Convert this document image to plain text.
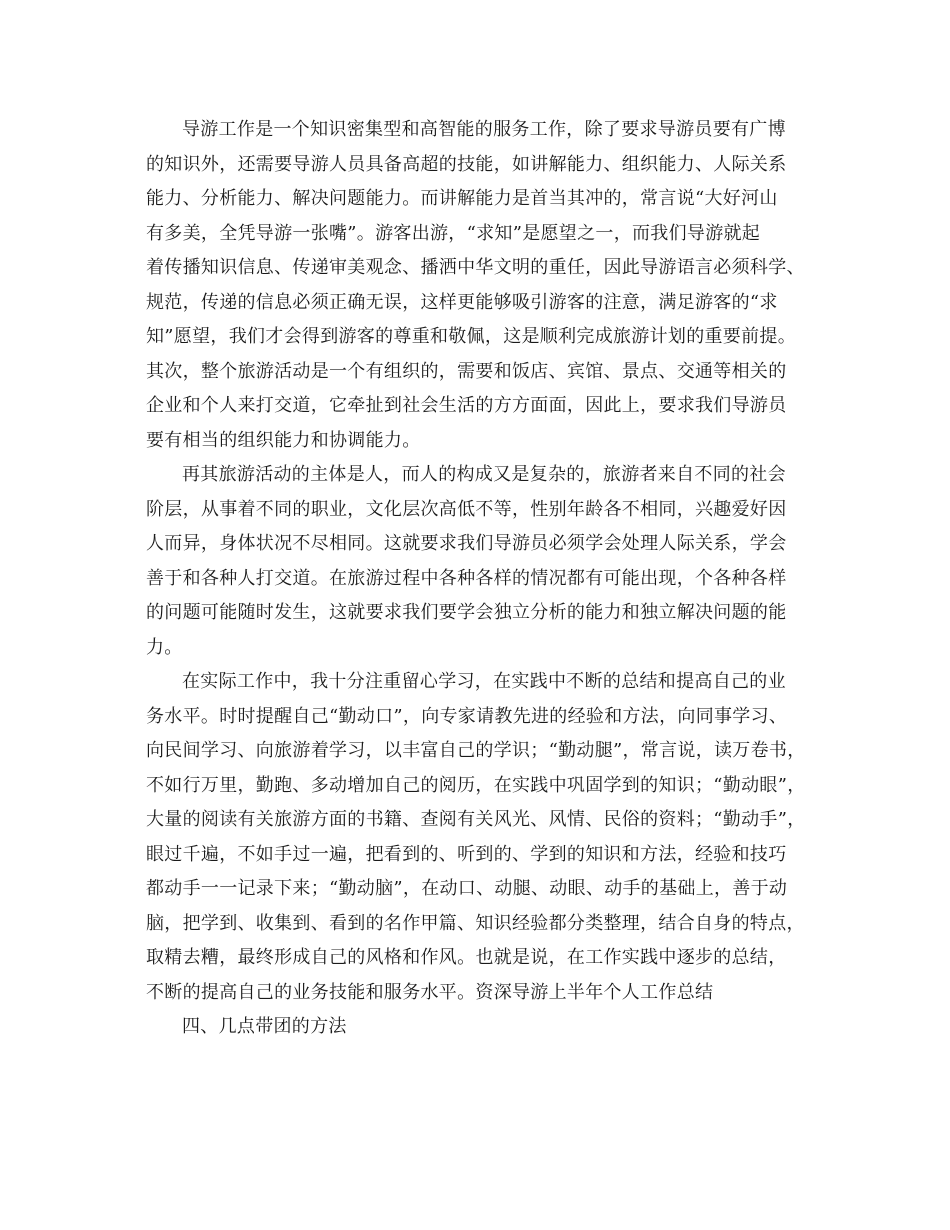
导游工作是一个知识密集型和高智能的服务工作，除了要求导游员要有广博
的知识外，还需要导游人员具备高超的技能，如讲解能力、组织能力、人际关系
能力、分析能力、解决问题能力。而讲解能力是首当其冲的，常言说“大好河山
有多美，全凭导游一张嘴”。游客出游，“求知”是愿望之一，而我们导游就起
着传播知识信息、传递审美观念、播洒中华文明的重任，因此导游语言必须科学、
规范，传递的信息必须正确无误，这样更能够吸引游客的注意，满足游客的“求
知”愿望，我们才会得到游客的尊重和敬佩，这是顺利完成旅游计划的重要前提。
其次，整个旅游活动是一个有组织的，需要和饭店、宾馆、景点、交通等相关的
企业和个人来打交道，它牵扯到社会生活的方方面面，因此上，要求我们导游员
要有相当的组织能力和协调能力。
再其旅游活动的主体是人，而人的构成又是复杂的，旅游者来自不同的社会
阶层，从事着不同的职业，文化层次高低不等，性别年龄各不相同，兴趣爱好因
人而异，身体状况不尽相同。这就要求我们导游员必须学会处理人际关系，学会
善于和各种人打交道。在旅游过程中各种各样的情况都有可能出现，个各种各样
的问题可能随时发生，这就要求我们要学会独立分析的能力和独立解决问题的能
力。
在实际工作中，我十分注重留心学习，在实践中不断的总结和提高自己的业
务水平。时时提醒自己“勤动口”，向专家请教先进的经验和方法，向同事学习、
向民间学习、向旅游着学习，以丰富自己的学识；“勤动腿”，常言说，读万卷书，
不如行万里，勤跑、多动增加自己的阅历，在实践中巩固学到的知识；“勤动眼”，
大量的阅读有关旅游方面的书籍、查阅有关风光、风情、民俗的资料；“勤动手”，
眼过千遍，不如手过一遍，把看到的、听到的、学到的知识和方法，经验和技巧
都动手一一记录下来；“勤动脑”，在动口、动腿、动眼、动手的基础上，善于动
脑，把学到、收集到、看到的名作甲篇、知识经验都分类整理，结合自身的特点，
取精去糟，最终形成自己的风格和作风。也就是说，在工作实践中逐步的总结，
不断的提高自己的业务技能和服务水平。资深导游上半年个人工作总结
四、几点带团的方法
